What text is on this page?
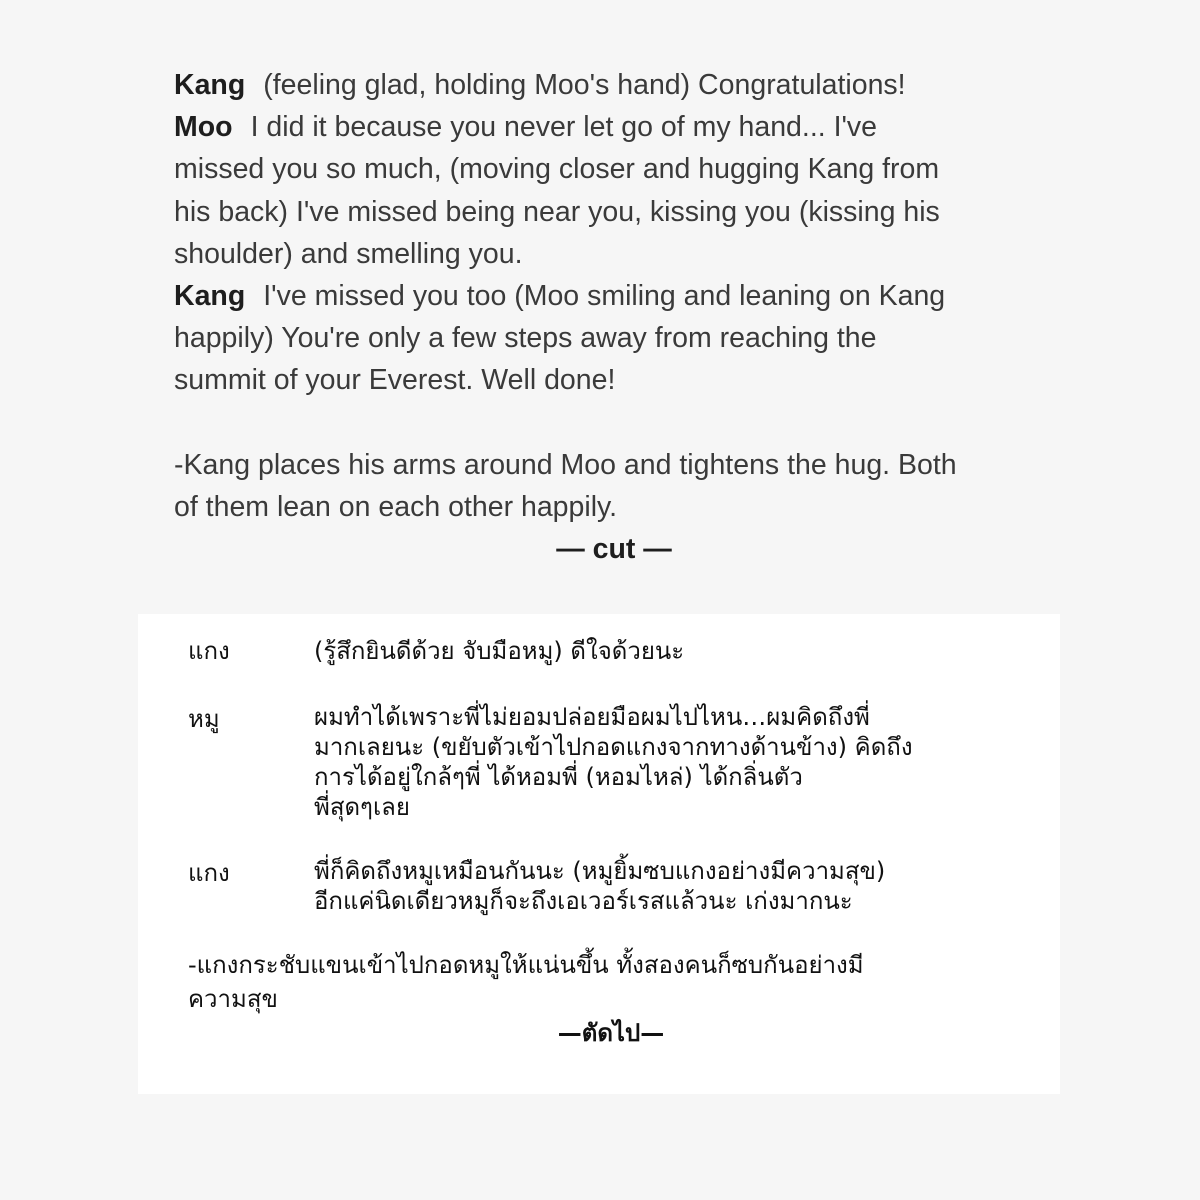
Kang (feeling glad, holding Moo's hand) Congratulations!

Moo I did it because you never let go of my hand... I've

missed you so much, (moving closer and hugging Kang from

his back) I've missed being near you, kissing you (kissing his

shoulder) and smelling you.

Kang I've missed you too (Moo smiling and leaning on Kang

happily) You're only a few steps away from reaching the

summit of your Everest. Well done!

-Kang places his arms around Moo and tightens the hug. Both

of them lean on each other happily.

— cut —

แกง	(รู้สึกยินดีด้วย จับมือหมู) ดีใจด้วยนะ
หมู	ผมทำได้เพราะพี่ไม่ยอมปล่อยมือผมไปไหน…ผมคิดถึงพี่
มากเลยนะ (ขยับตัวเข้าไปกอดแกงจากทางด้านข้าง) คิดถึง
การได้อยู่ใกล้ๆพี่ ได้หอมพี่ (หอมไหล่) ได้กลิ่นตัว
พี่สุดๆเลย
แกง	พี่ก็คิดถึงหมูเหมือนกันนะ (หมูยิ้มซบแกงอย่างมีความสุข)
อีกแค่นิดเดียวหมูก็จะถึงเอเวอร์เรสแล้วนะ เก่งมากนะ
-แกงกระชับแขนเข้าไปกอดหมูให้แน่นขึ้น ทั้งสองคนก็ซบกันอย่างมี
ความสุข
—ตัดไป—
